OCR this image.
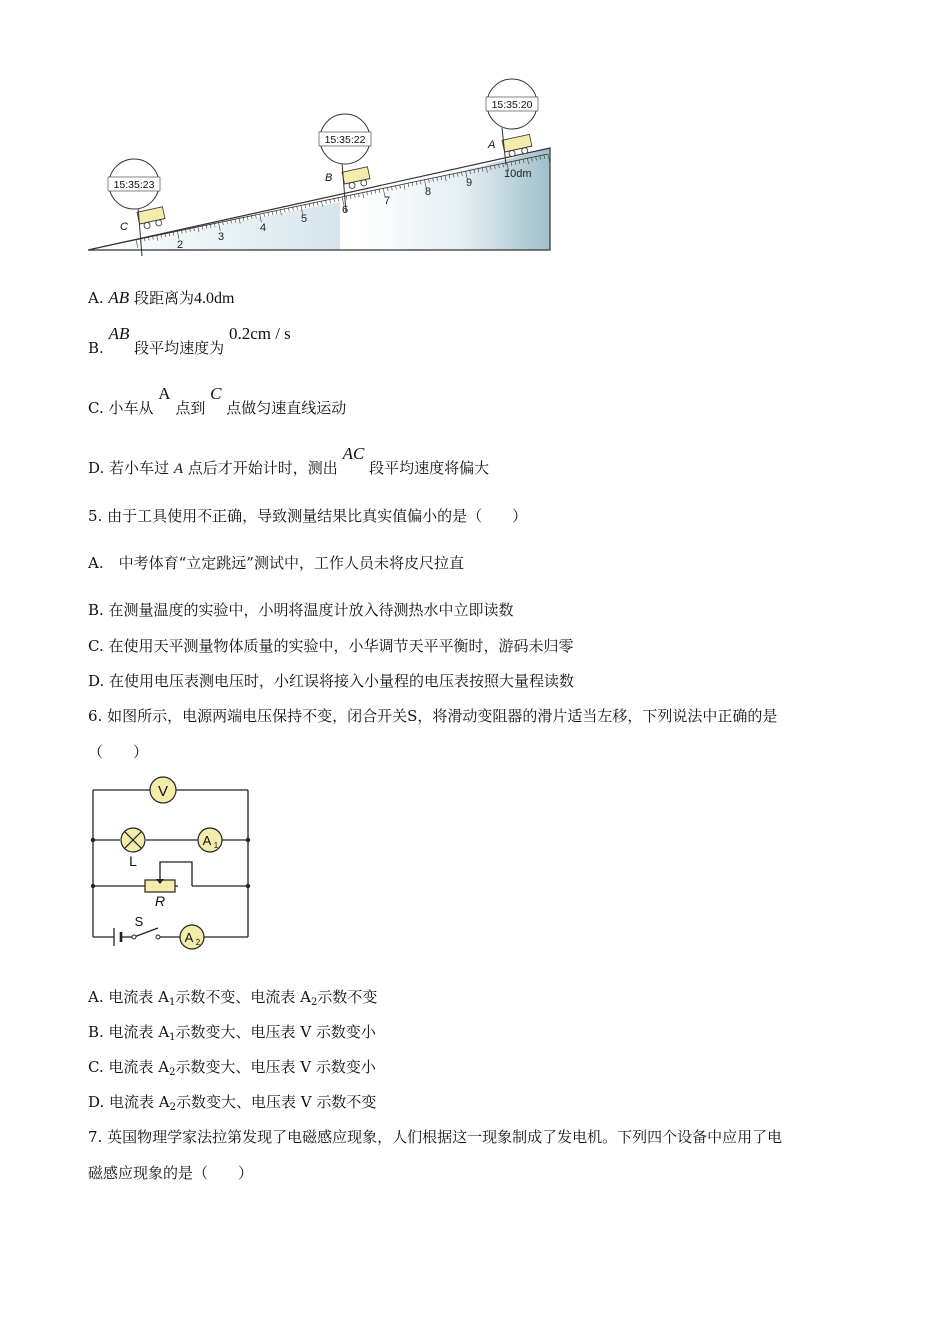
2
3
4
5
6
7
8
9
10dm
15:35:23
C
15:35:22
B
15:35:20
A
A. AB 段距离为4.0dm
B. AB 段平均速度为 0.2cm / s
C. 小车从 A 点到 C 点做匀速直线运动
D. 若小车过 A 点后才开始计时，测出 AC 段平均速度将偏大
5. 由于工具使用不正确，导致测量结果比真实值偏小的是（　　）
A.　中考体育“立定跳远”测试中，工作人员未将皮尺拉直
B. 在测量温度的实验中，小明将温度计放入待测热水中立即读数
C. 在使用天平测量物体质量的实验中，小华调节天平平衡时，游码未归零
D. 在使用电压表测电压时，小红误将接入小量程的电压表按照大量程读数
6. 如图所示，电源两端电压保持不变，闭合开关S，将滑动变阻器的滑片适当左移，下列说法中正确的是
（　　）
V
L
A 1
R
S
A 2
A. 电流表 $A_1$示数不变、电流表 $A_2$示数不变
B. 电流表 $A_1$示数变大、电压表 V 示数变小
C. 电流表 $A_2$示数变大、电压表 V 示数变小
D. 电流表 $A_2$示数变大、电压表 V 示数不变
7. 英国物理学家法拉第发现了电磁感应现象，人们根据这一现象制成了发电机。下列四个设备中应用了电
磁感应现象的是（　　）
